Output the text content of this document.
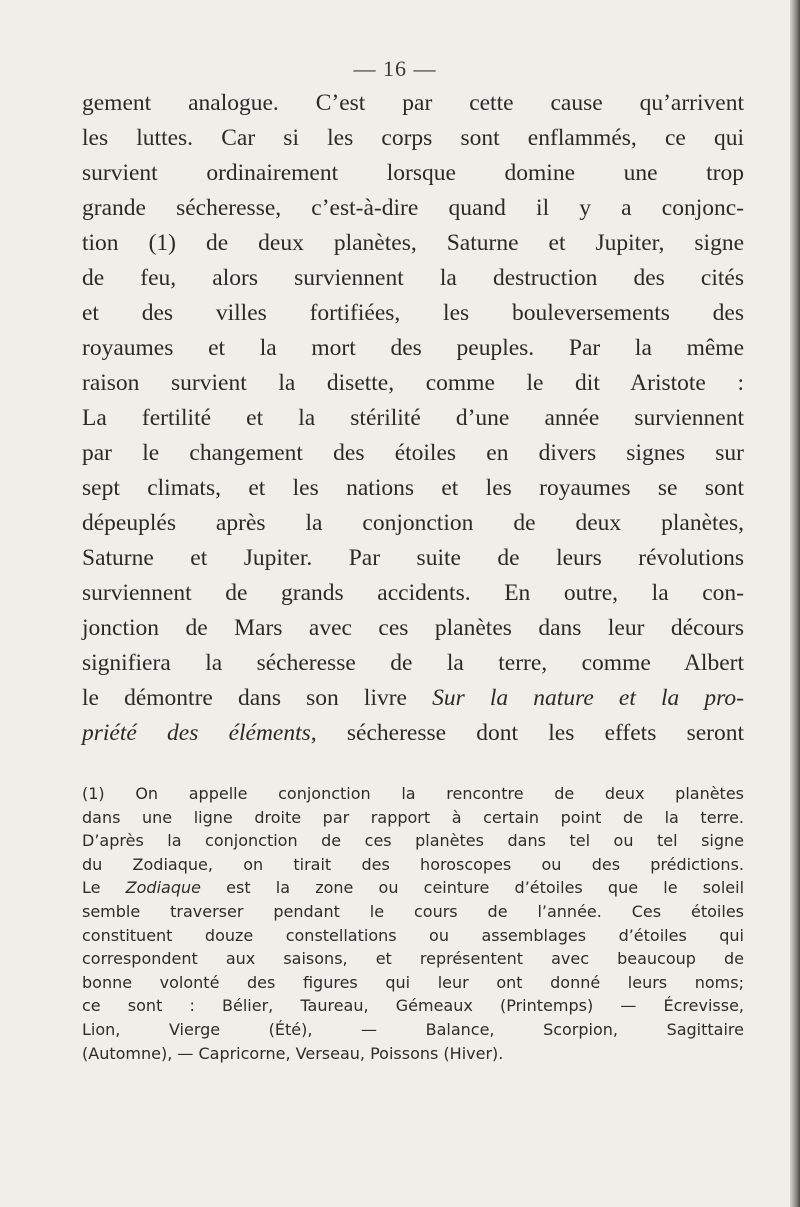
— 16 —
gement analogue. C’est par cette cause qu’arrivent
les luttes. Car si les corps sont enflammés, ce qui
survient ordinairement lorsque domine une trop
grande sécheresse, c’est-à-dire quand il y a conjonc-
tion (1) de deux planètes, Saturne et Jupiter, signe
de feu, alors surviennent la destruction des cités
et des villes fortifiées, les bouleversements des
royaumes et la mort des peuples. Par la même
raison survient la disette, comme le dit Aristote :
La fertilité et la stérilité d’une année surviennent
par le changement des étoiles en divers signes sur
sept climats, et les nations et les royaumes se sont
dépeuplés après la conjonction de deux planètes,
Saturne et Jupiter. Par suite de leurs révolutions
surviennent de grands accidents. En outre, la con-
jonction de Mars avec ces planètes dans leur décours
signifiera la sécheresse de la terre, comme Albert
le démontre dans son livre Sur la nature et la pro-
priété des éléments, sécheresse dont les effets seront
(1) On appelle conjonction la rencontre de deux planètes
dans une ligne droite par rapport à certain point de la terre.
D’après la conjonction de ces planètes dans tel ou tel signe
du Zodiaque, on tirait des horoscopes ou des prédictions.
Le Zodiaque est la zone ou ceinture d’étoiles que le soleil
semble traverser pendant le cours de l’année. Ces étoiles
constituent douze constellations ou assemblages d’étoiles qui
correspondent aux saisons, et représentent avec beaucoup de
bonne volonté des figures qui leur ont donné leurs noms;
ce sont : Bélier, Taureau, Gémeaux (Printemps) — Écrevisse,
Lion, Vierge (Été), — Balance, Scorpion, Sagittaire
(Automne), — Capricorne, Verseau, Poissons (Hiver).
